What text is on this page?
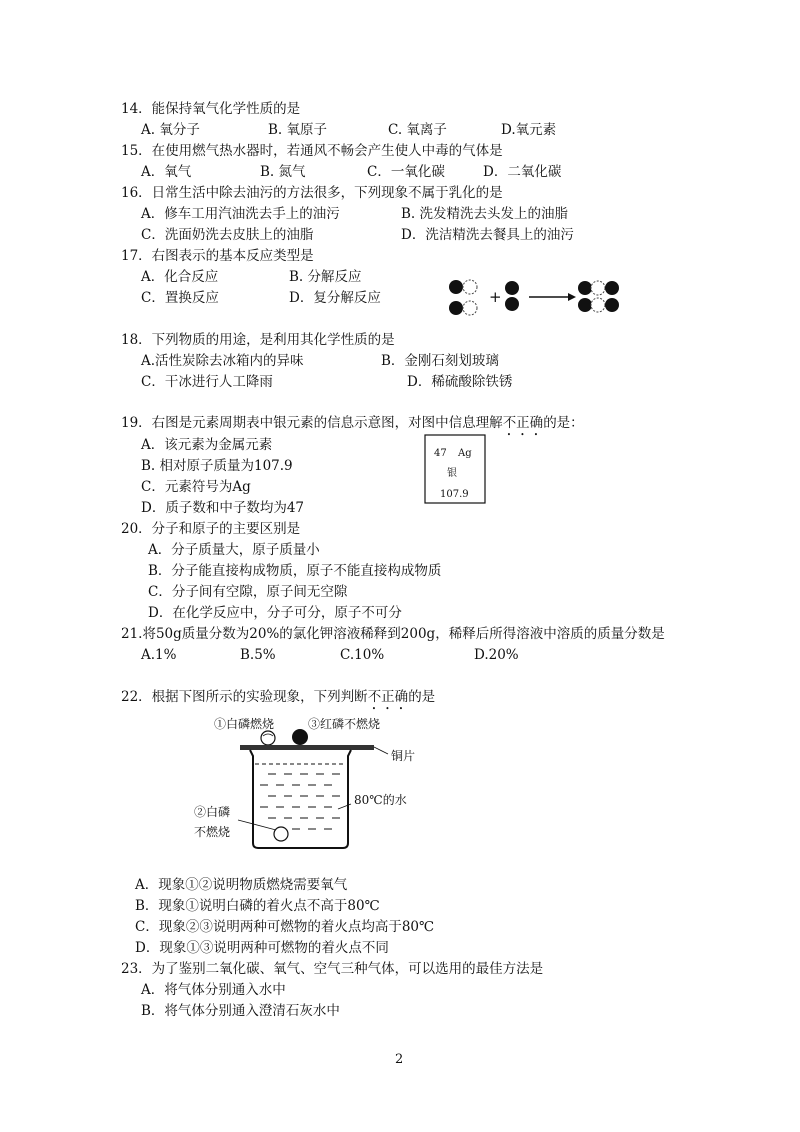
14．能保持氧气化学性质的是
A. 氧分子	B. 氧原子	C. 氧离子	D.氧元素
15．在使用燃气热水器时，若通风不畅会产生使人中毒的气体是
A．氧气	B. 氮气	C．一氧化碳	D．二氧化碳
16．日常生活中除去油污的方法很多，下列现象不属于乳化的是
A．修车工用汽油洗去手上的油污	B. 洗发精洗去头发上的油脂
C．洗面奶洗去皮肤上的油脂	D．洗洁精洗去餐具上的油污
17．右图表示的基本反应类型是
A．化合反应	B. 分解反应
C．置换反应	D．复分解反应	+
18．下列物质的用途，是利用其化学性质的是
A.活性炭除去冰箱内的异味	B．金刚石刻划玻璃
C．干冰进行人工降雨	D．稀硫酸除铁锈
19．右图是元素周期表中银元素的信息示意图，对图中信息理解不正确的是：
A．该元素为金属元素
B. 相对原子质量为107.9
C．元素符号为Ag
D．质子数和中子数均为47
47 Ag
银
107.9
20．分子和原子的主要区别是
A．分子质量大，原子质量小
B．分子能直接构成物质，原子不能直接构成物质
C．分子间有空隙，原子间无空隙
D．在化学反应中，分子可分，原子不可分
21.将50g质量分数为20%的氯化钾溶液稀释到200g，稀释后所得溶液中溶质的质量分数是
A.1%	B.5%	C.10%	D.20%
22．根据下图所示的实验现象，下列判断不正确的是
①白磷燃烧	③红磷不燃烧
铜片
80℃的水
②白磷
不燃烧
A．现象①②说明物质燃烧需要氧气
B．现象①说明白磷的着火点不高于80℃
C．现象②③说明两种可燃物的着火点均高于80℃
D．现象①③说明两种可燃物的着火点不同
23．为了鉴别二氧化碳、氧气、空气三种气体，可以选用的最佳方法是
A．将气体分别通入水中
B．将气体分别通入澄清石灰水中
2
